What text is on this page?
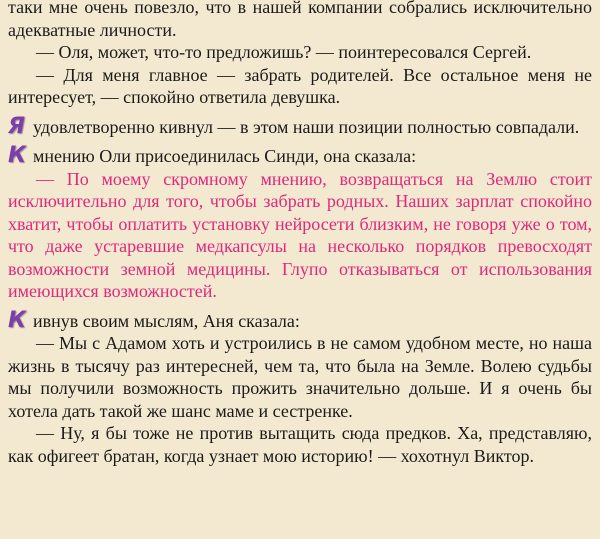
таки мне очень повезло, что в нашей компании собрались исключительно адекватные личности.

— Оля, может, что-то предложишь? — поинтересовался Сергей.

— Для меня главное — забрать родителей. Все остальное меня не интересует, — спокойно ответила девушка.

Я удовлетворенно кивнул — в этом наши позиции полностью совпадали.

К мнению Оли присоединилась Синди, она сказала:

— По моему скромному мнению, возвращаться на Землю стоит исключительно для того, чтобы забрать родных. Наших зарплат спокойно хватит, чтобы оплатить установку нейросети близким, не говоря уже о том, что даже устаревшие медкапсулы на несколько порядков превосходят возможности земной медицины. Глупо отказываться от использования имеющихся возможностей.

К ивнув своим мыслям, Аня сказала:

— Мы с Адамом хоть и устроились в не самом удобном месте, но наша жизнь в тысячу раз интересней, чем та, что была на Земле. Волею судьбы мы получили возможность прожить значительно дольше. И я очень бы хотела дать такой же шанс маме и сестренке.

— Ну, я бы тоже не против вытащить сюда предков. Ха, представляю, как офигеет братан, когда узнает мою историю! — хохотнул Виктор.
